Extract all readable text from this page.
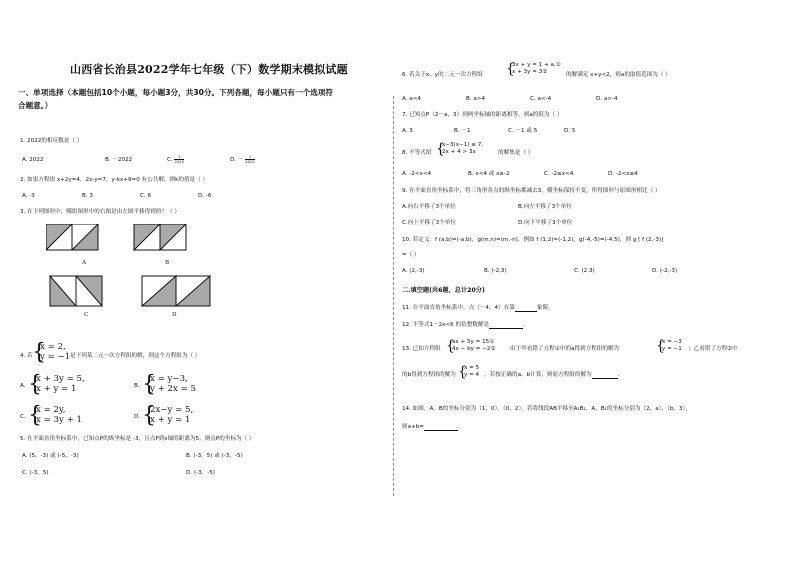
山西省长治县2022学年七年级（下）数学期末模拟试题
一、单项选择（本题包括10个小题，每小题3分，共30分。下列各题，每小题只有一个选项符
合题意。）
1. 2022的相反数是（ ）
A. 2022	B. －2022	C. $\frac{1}{2022}$	D. － $\frac{1}{2022}$
2. 如果方程组 x+2y=4，2x-y=7，y-kx+9=0 有公共解，则k的值是（ ）
A. -3	B. 3	C. 6	D. -6
3. 在下列图形中，哪组图形中的右图是由左图平移得到的？（ ）
A	B
C	D
4. 若 {
x = 2,
y = −1 是下列某二元一次方程组的解，则这个方程组为（ ）
A. {
x + 3y = 5,
x + y = 1	B. {
x = y−3,
y + 2x = 5
C. {
x = 2y,
x = 3y + 1	D. {
2x−y = 5,
x + y = 1
5. 在平面直角坐标系中，已知点P的纵坐标是 -3，且点P到x轴的距离为5，则点P的坐标为（ ）
A. (5，-3) 或 (-5，-3)	B. (-3，5) 或 (-3，-5)
C. (-3，5)	D. (-3，-5)
6. 若关于x、y的二元一次方程组 {
3x + y = 1 + a,①
x + 3y = 3②	的解满足 x+y<2，则a的取值范围为（ ）
A. a<4	B. a>4	C. a<-4	D. a>-4
7. 已知点P（2－a，3）到两坐标轴的距离相等，则a的值为（ ）
A. 3	B. －1	C. －1 或 5	D. 5
8. 不等式组 {
x−3(x−1) ≤ 7,
2x + 4 > 3x	的解集是（ ）
A. -2<x<4	B. x<4 或 x≥-2	C. -2≤x<4	D. -2<x≤4
9. 在平面直角坐标系中，将三角形各点的纵坐标都减去3，横坐标保持不变，所得图形与原图形相比（ ）
A.向右平移了3个单位	B.向左平移了3个单位
C.向上平移了3个单位	D.向下平移了3个单位
10. 若定义：f (a,b)=(-a,b)，g(m,n)=(m,-n)，例如 f (1,2)=(-1,2)，g(-4,-5)=(-4,5)，则 g [ f (2,-3)]
=（ ）
A. (2,-3)	B. (-2,3)	C. (2,3)	D. (-2,-3)
二.填空题(共6题，总计20分)
11. 在平面直角坐标系中，点（－4，4）在第	象限。
12. 不等式1－2x<6 的负整数解是	。
13. 已知方程组 {
ax + 5y = 15①
4x − by = −2②	由于甲看错了方程①中的a得到方程组的解为	{
x = −3
y = −1 ；乙看错了方程②中
的b得到方程组的解为 {
x = 5
y = 4 ，若按正确的a、b计算，则原方程组的解为	.
14. 如图，A，B的坐标分别为（1，0），（0，2），若将线段AB平移至A₁B₁，A，B₁的坐标分别为（2，a），（b，3），
则a+b=	.
